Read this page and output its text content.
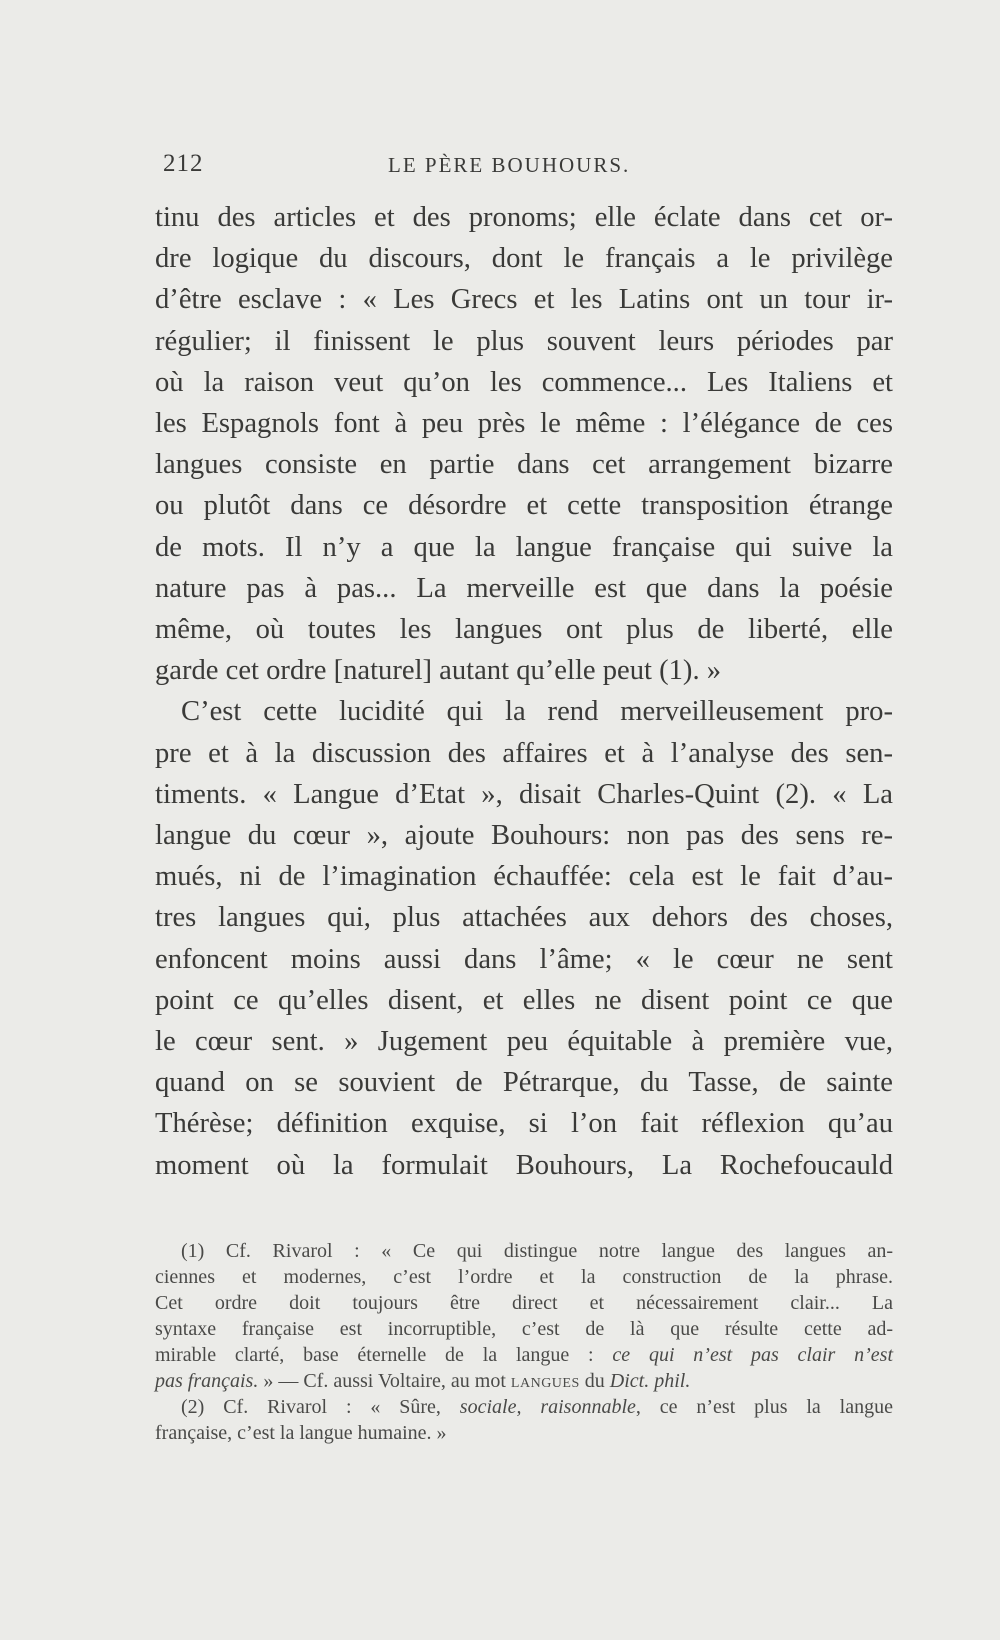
212	LE PÈRE BOUHOURS.
tinu des articles et des pronoms; elle éclate dans cet or-
dre logique du discours, dont le français a le privilège
d’être esclave : « Les Grecs et les Latins ont un tour ir-
régulier; il finissent le plus souvent leurs périodes par
où la raison veut qu’on les commence... Les Italiens et
les Espagnols font à peu près le même : l’élégance de ces
langues consiste en partie dans cet arrangement bizarre
ou plutôt dans ce désordre et cette transposition étrange
de mots. Il n’y a que la langue française qui suive la
nature pas à pas... La merveille est que dans la poésie
même, où toutes les langues ont plus de liberté, elle
garde cet ordre [naturel] autant qu’elle peut (1). »
C’est cette lucidité qui la rend merveilleusement pro-
pre et à la discussion des affaires et à l’analyse des sen-
timents. « Langue d’Etat », disait Charles-Quint (2). « La
langue du cœur », ajoute Bouhours: non pas des sens re-
mués, ni de l’imagination échauffée: cela est le fait d’au-
tres langues qui, plus attachées aux dehors des choses,
enfoncent moins aussi dans l’âme; « le cœur ne sent
point ce qu’elles disent, et elles ne disent point ce que
le cœur sent. » Jugement peu équitable à première vue,
quand on se souvient de Pétrarque, du Tasse, de sainte
Thérèse; définition exquise, si l’on fait réflexion qu’au
moment où la formulait Bouhours, La Rochefoucauld
(1) Cf. Rivarol : « Ce qui distingue notre langue des langues an-
ciennes et modernes, c’est l’ordre et la construction de la phrase.
Cet ordre doit toujours être direct et nécessairement clair... La
syntaxe française est incorruptible, c’est de là que résulte cette ad-
mirable clarté, base éternelle de la langue : ce qui n’est pas clair n’est
pas français. » — Cf. aussi Voltaire, au mot langues du Dict. phil.
(2) Cf. Rivarol : « Sûre, sociale, raisonnable, ce n’est plus la langue
française, c’est la langue humaine. »
